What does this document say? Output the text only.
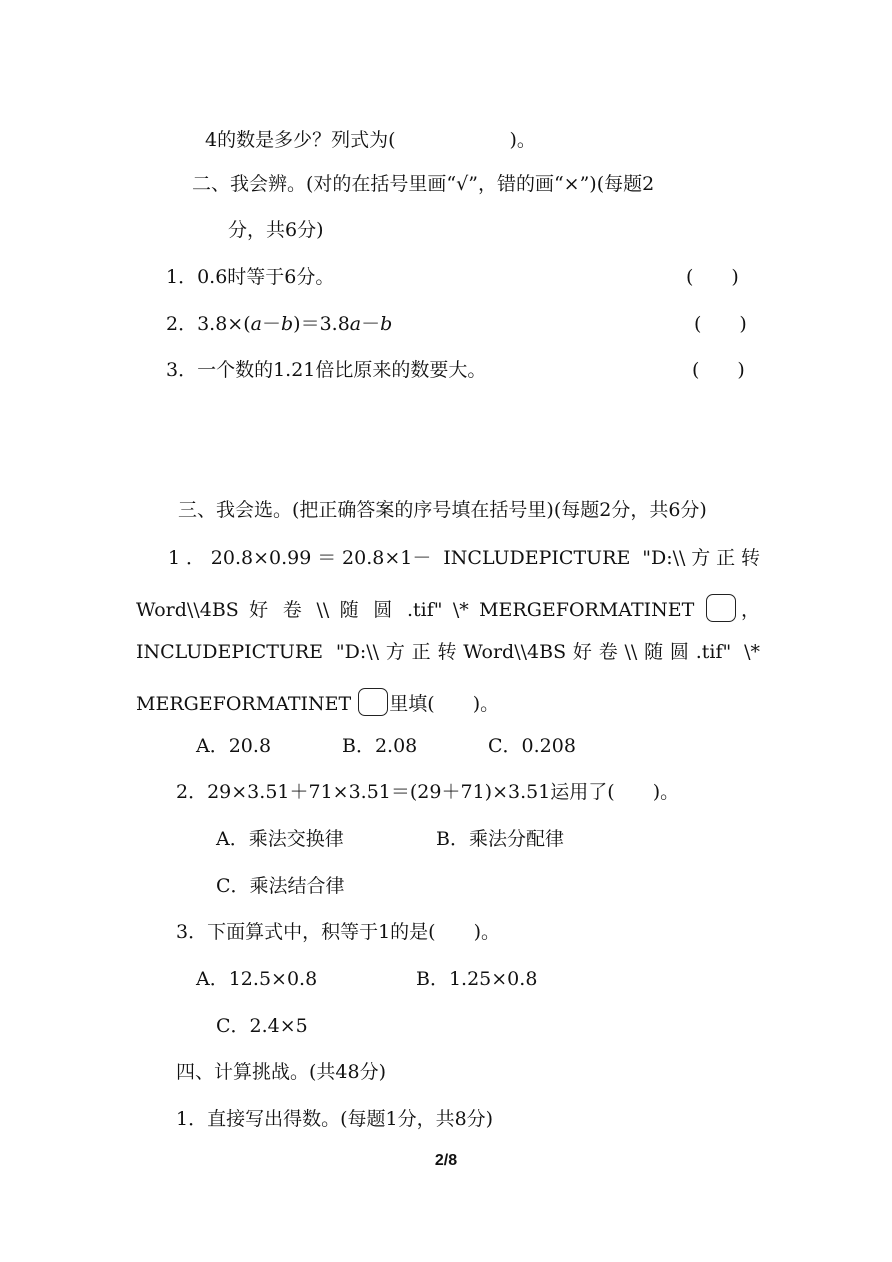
4的数是多少？列式为(　　　　　　)。

二、我会辨。(对的在括号里画“√”，错的画“×”)(每题2

分，共6分)

1．0.6时等于6分。	(　　)

2．3.8×(a－b)＝3.8a－b	(　　)

3．一个数的1.21倍比原来的数要大。	(　　)

三、我会选。(把正确答案的序号填在括号里)(每题2分，共6分)

1．20.8×0.99＝20.8×1－ INCLUDEPICTURE "D:\\方正转

Word\\4BS 好 卷 \\ 随 圆 .tif" \* MERGEFORMATINET ，

INCLUDEPICTURE "D:\\方正转Word\\4BS好卷\\随圆.tif" \*

MERGEFORMATINET 里填(　　)。

A．20.8	B．2.08	C．0.208

2．29×3.51＋71×3.51＝(29＋71)×3.51运用了(　　)。

A．乘法交换律	B．乘法分配律

C．乘法结合律

3．下面算式中，积等于1的是(　　)。

A．12.5×0.8	B．1.25×0.8

C．2.4×5

四、计算挑战。(共48分)

1．直接写出得数。(每题1分，共8分)

2/8
